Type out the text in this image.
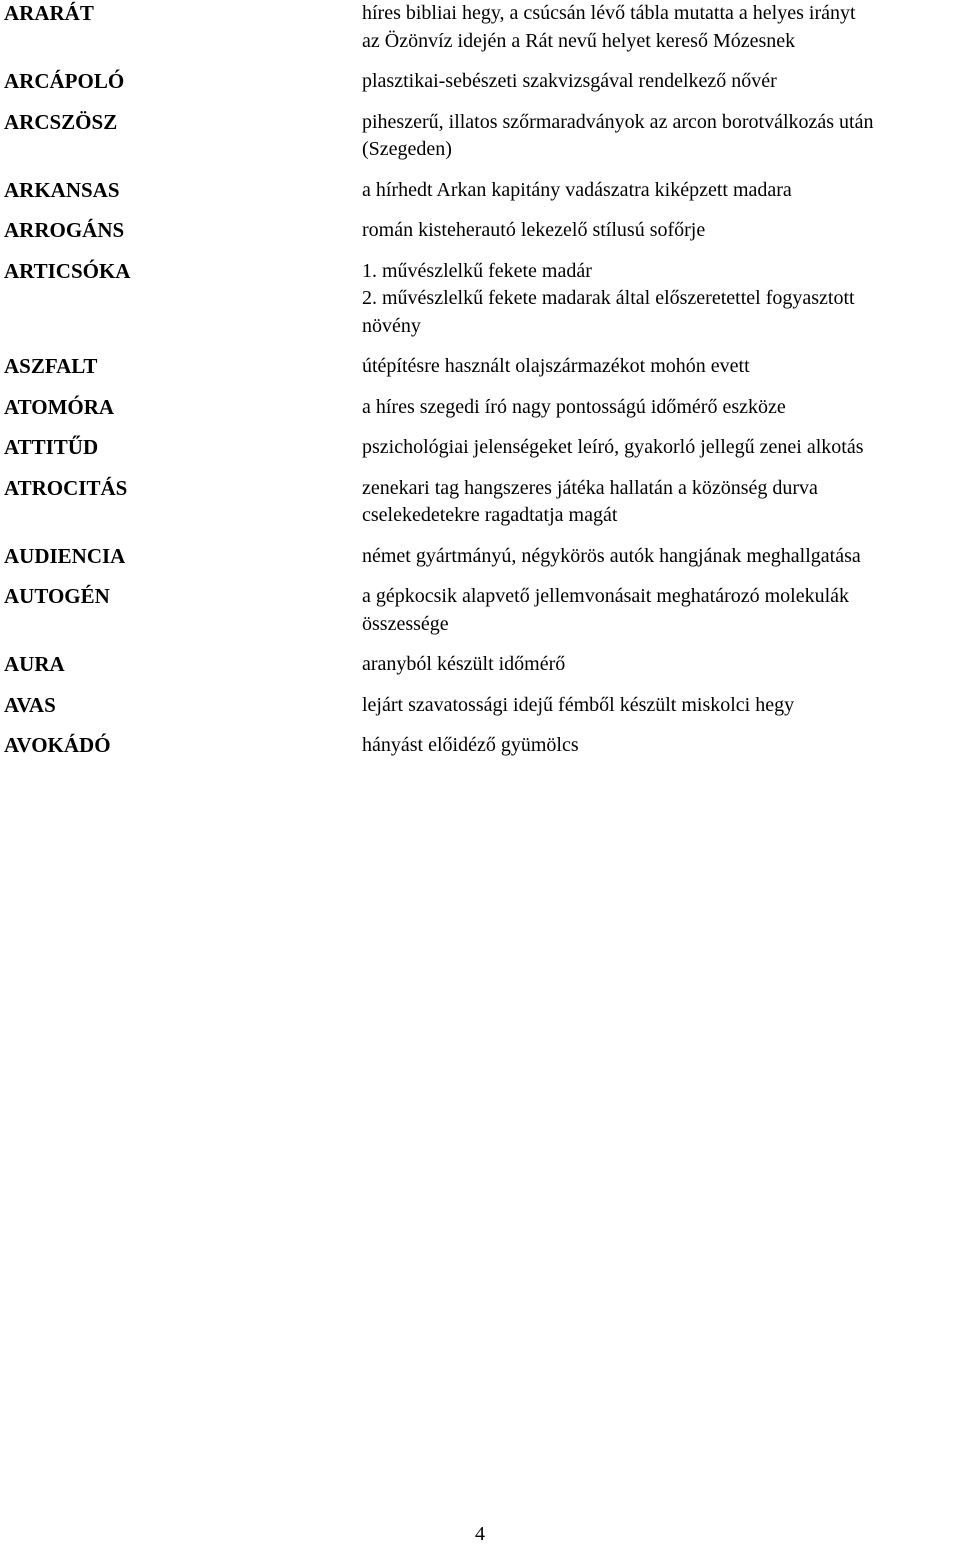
ARARÁT	híres bibliai hegy, a csúcsán lévő tábla mutatta a helyes irányt
az Özönvíz idején a Rát nevű helyet kereső Mózesnek
ARCÁPOLÓ	plasztikai-sebészeti szakvizsgával rendelkező nővér
ARCSZÖSZ	piheszerű, illatos szőrmaradványok az arcon borotválkozás után
(Szegeden)
ARKANSAS	a hírhedt Arkan kapitány vadászatra kiképzett madara
ARROGÁNS	román kisteherautó lekezelő stílusú sofőrje
ARTICSÓKA	1. művészlelkű fekete madár
2. művészlelkű fekete madarak által előszeretettel fogyasztott
növény
ASZFALT	útépítésre használt olajszármazékot mohón evett
ATOMÓRA	a híres szegedi író nagy pontosságú időmérő eszköze
ATTITŰD	pszichológiai jelenségeket leíró, gyakorló jellegű zenei alkotás
ATROCITÁS	zenekari tag hangszeres játéka hallatán a közönség durva
cselekedetekre ragadtatja magát
AUDIENCIA	német gyártmányú, négykörös autók hangjának meghallgatása
AUTOGÉN	a gépkocsik alapvető jellemvonásait meghatározó molekulák
összessége
AURA	aranyból készült időmérő
AVAS	lejárt szavatossági idejű fémből készült miskolci hegy
AVOKÁDÓ	hányást előidéző gyümölcs
4
